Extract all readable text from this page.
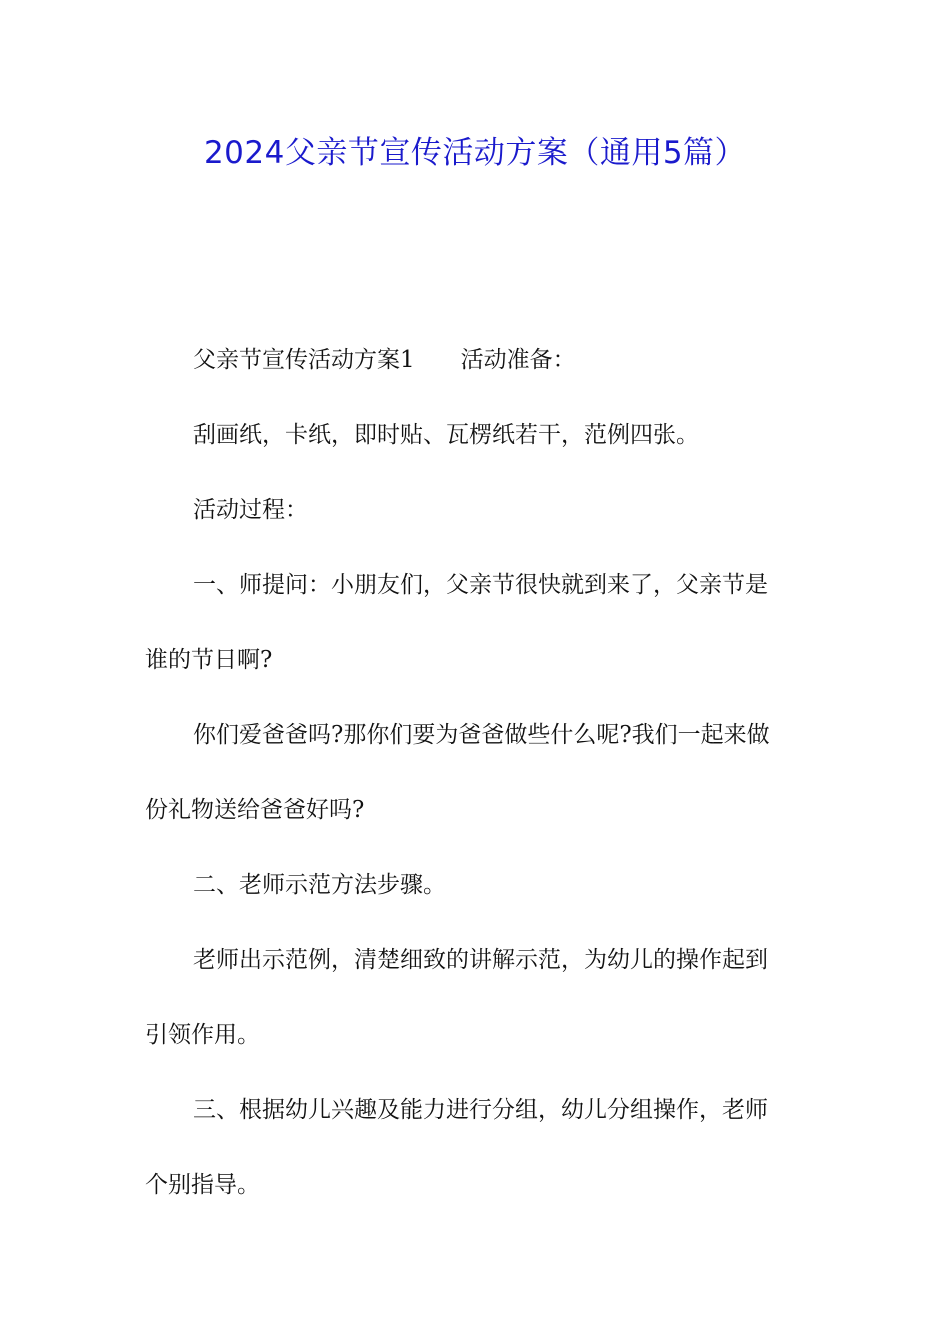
2024父亲节宣传活动方案（通用5篇）

父亲节宣传活动方案1 活动准备：

刮画纸，卡纸，即时贴、瓦楞纸若干，范例四张。

活动过程：

一、师提问：小朋友们，父亲节很快就到来了，父亲节是

谁的节日啊?

你们爱爸爸吗?那你们要为爸爸做些什么呢?我们一起来做

份礼物送给爸爸好吗?

二、老师示范方法步骤。

老师出示范例，清楚细致的讲解示范，为幼儿的操作起到

引领作用。

三、根据幼儿兴趣及能力进行分组，幼儿分组操作，老师

个别指导。
